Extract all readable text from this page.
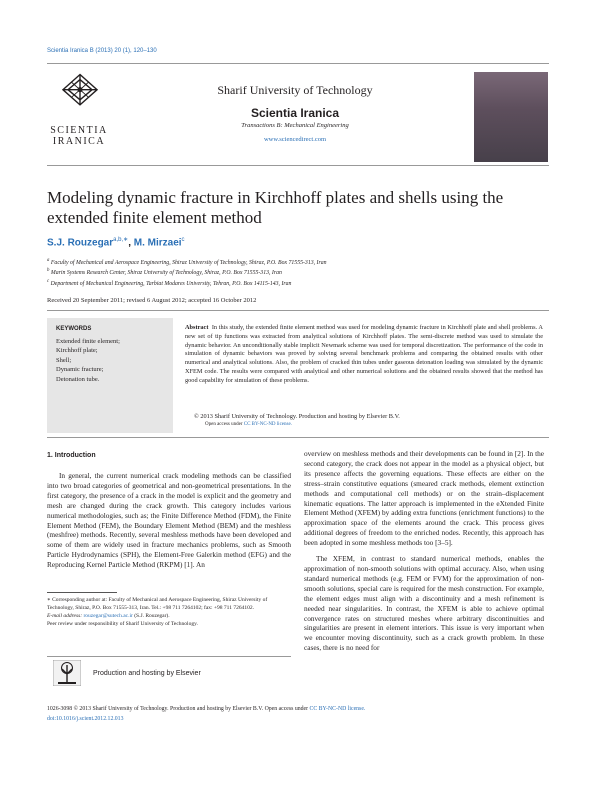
Scientia Iranica B (2013) 20 (1), 120–130
SCIENTIA
IRANICA
Sharif University of Technology
Scientia Iranica
Transactions B: Mechanical Engineering
www.sciencedirect.com
Modeling dynamic fracture in Kirchhoff plates and shells using the extended finite element method
S.J. Rouzegar$^{a,b,∗}$, M. Mirzaei$^c$
$^a$ Faculty of Mechanical and Aerospace Engineering, Shiraz University of Technology, Shiraz, P.O. Box 71555-313, Iran
$^b$ Marin Systems Research Center, Shiraz University of Technology, Shiraz, P.O. Box 71555-313, Iran
$^c$ Department of Mechanical Engineering, Tarbiat Modares University, Tehran, P.O. Box 14115-143, Iran
Received 20 September 2011; revised 6 August 2012; accepted 16 October 2012
KEYWORDS
Extended finite element;
Kirchhoff plate;
Shell;
Dynamic fracture;
Detonation tube.
Abstract In this study, the extended finite element method was used for modeling dynamic fracture in Kirchhoff plate and shell problems. A new set of tip functions was extracted from analytical solutions of Kirchhoff plates. The semi-discrete method was used to simulate the dynamic behavior. An unconditionally stable implicit Newmark scheme was used for temporal discretization. The performance of the code in simulation of dynamic behaviors was proved by solving several benchmark problems and comparing the obtained results with other numerical and analytical solutions. Also, the problem of cracked thin tubes under gaseous detonation loading was simulated by the dynamic XFEM code. The results were compared with analytical and other numerical solutions and the obtained results showed that the method has good capability for simulation of these problems.
© 2013 Sharif University of Technology. Production and hosting by Elsevier B.V.
Open access under CC BY-NC-ND license.
1. Introduction

In general, the current numerical crack modeling methods can be classified into two broad categories of geometrical and non-geometrical presentations. In the first category, the presence of a crack in the model is explicit and the geometry and mesh are changed during the crack growth. This category includes various numerical methodologies, such as; the Finite Difference Method (FDM), the Finite Element Method (FEM), the Boundary Element Method (BEM) and the meshless (meshfree) methods. Recently, several meshless methods have been developed and some of them are widely used in fracture mechanics problems, such as Smooth Particle Hydrodynamics (SPH), the Element-Free Galerkin method (EFG) and the Reproducing Kernel Particle Method (RKPM) [1]. An

∗ Corresponding author at: Faculty of Mechanical and Aerospace Engineering, Shiraz University of Technology, Shiraz, P.O. Box 71555-313, Iran. Tel.: +98 711 7264102; fax: +98 711 7264102.
E-mail address: rouzegar@sutech.ac.ir (S.J. Rouzegar).
Peer review under responsibility of Sharif University of Technology.
Production and hosting by Elsevier

overview on meshless methods and their developments can be found in [2]. In the second category, the crack does not appear in the model as a physical object, but its presence affects the governing equations. These effects are either on the stress–strain constitutive equations (smeared crack methods, element extinction methods and computational cell methods) or on the strain–displacement kinematic equations. The latter approach is implemented in the eXtended Finite Element Method (XFEM) by adding extra functions (enrichment functions) to the approximation space of the elements around the crack. This process gives additional degrees of freedom to the enriched nodes. Recently, this approach has been adopted in some meshless methods too [3–5].

The XFEM, in contrast to standard numerical methods, enables the approximation of non-smooth solutions with optimal accuracy. Also, when using standard numerical methods (e.g. FEM or FVM) for the approximation of non-smooth solutions, special care is required for the mesh construction. For example, the element edges must align with a discontinuity and a mesh refinement is needed near singularities. In contrast, the XFEM is able to achieve optimal convergence rates on structured meshes where arbitrary discontinuities and singularities are present in element interiors. This issue is very important when we encounter moving discontinuity, such as a crack growth problem. In these cases, there is no need for

1026-3098 © 2013 Sharif University of Technology. Production and hosting by Elsevier B.V. Open access under CC BY-NC-ND license.
doi:10.1016/j.scient.2012.12.013
